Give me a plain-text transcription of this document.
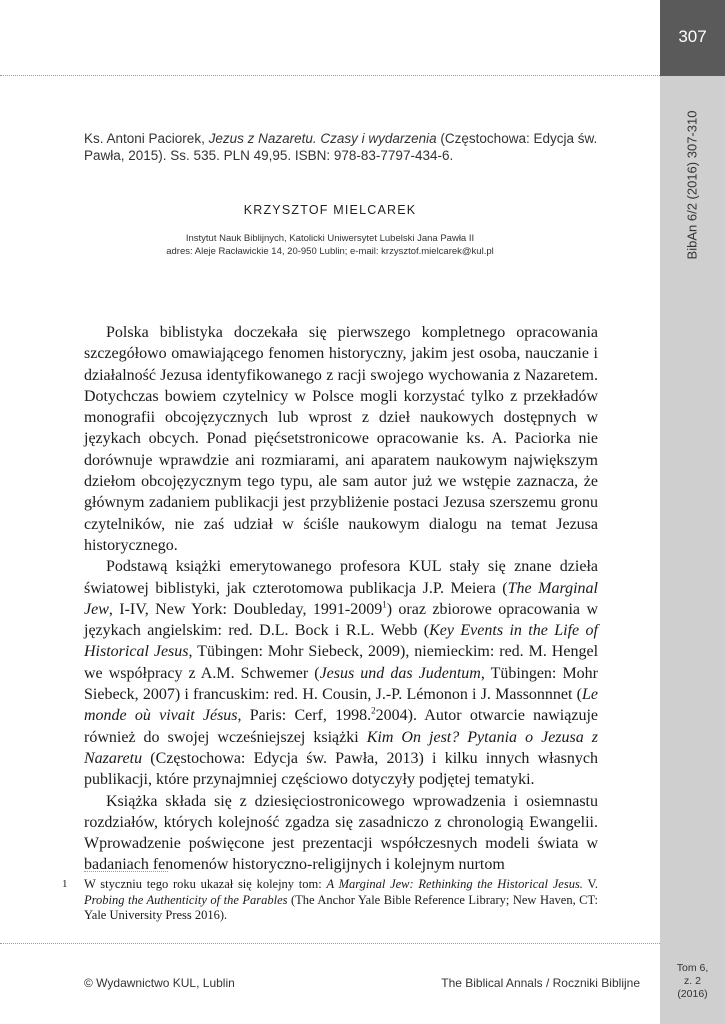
307
BibAn 6/2 (2016) 307-310
Ks. Antoni Paciorek, Jezus z Nazaretu. Czasy i wydarzenia (Częstochowa: Edycja św. Pawła, 2015). Ss. 535. PLN 49,95. ISBN: 978-83-7797-434-6.
KRZYSZTOF MIELCAREK
Instytut Nauk Biblijnych, Katolicki Uniwersytet Lubelski Jana Pawła II
adres: Aleje Racławickie 14, 20-950 Lublin; e-mail: krzysztof.mielcarek@kul.pl

Polska biblistyka doczekała się pierwszego kompletnego opracowania szczegółowo omawiającego fenomen historyczny, jakim jest osoba, nauczanie i działalność Jezusa identyfikowanego z racji swojego wychowania z Nazaretem. Dotychczas bowiem czytelnicy w Polsce mogli korzystać tylko z przekładów monografii obcojęzycznych lub wprost z dzieł naukowych dostępnych w językach obcych. Ponad pięćsetstronicowe opracowanie ks. A. Paciorka nie dorównuje wprawdzie ani rozmiarami, ani aparatem naukowym największym dziełom obcojęzycznym tego typu, ale sam autor już we wstępie zaznacza, że głównym zadaniem publikacji jest przybliżenie postaci Jezusa szerszemu gronu czytelników, nie zaś udział w ściśle naukowym dialogu na temat Jezusa historycznego.

Podstawą książki emerytowanego profesora KUL stały się znane dzieła światowej biblistyki, jak czterotomowa publikacja J.P. Meiera (The Marginal Jew, I-IV, New York: Doubleday, 1991-2009$^1$) oraz zbiorowe opracowania w językach angielskim: red. D.L. Bock i R.L. Webb (Key Events in the Life of Historical Jesus, Tübingen: Mohr Siebeck, 2009), niemieckim: red. M. Hengel we współpracy z A.M. Schwemer (Jesus und das Judentum, Tübingen: Mohr Siebeck, 2007) i francuskim: red. H. Cousin, J.-P. Lémonon i J. Massonnnet (Le monde où vivait Jésus, Paris: Cerf, 1998.$^2$2004). Autor otwarcie nawiązuje również do swojej wcześniejszej książki Kim On jest? Pytania o Jezusa z Nazaretu (Częstochowa: Edycja św. Pawła, 2013) i kilku innych własnych publikacji, które przynajmniej częściowo dotyczyły podjętej tematyki.

Książka składa się z dziesięciostronicowego wprowadzenia i osiemnastu rozdziałów, których kolejność zgadza się zasadniczo z chronologią Ewangelii. Wprowadzenie poświęcone jest prezentacji współczesnych modeli świata w badaniach fenomenów historyczno-religijnych i kolejnym nurtom

1 W styczniu tego roku ukazał się kolejny tom: A Marginal Jew: Rethinking the Historical Jesus. V. Probing the Authenticity of the Parables (The Anchor Yale Bible Reference Library; New Haven, CT: Yale University Press 2016).
© Wydawnictwo KUL, Lublin	The Biblical Annals / Roczniki Biblijne
Tom 6,
z. 2
(2016)
